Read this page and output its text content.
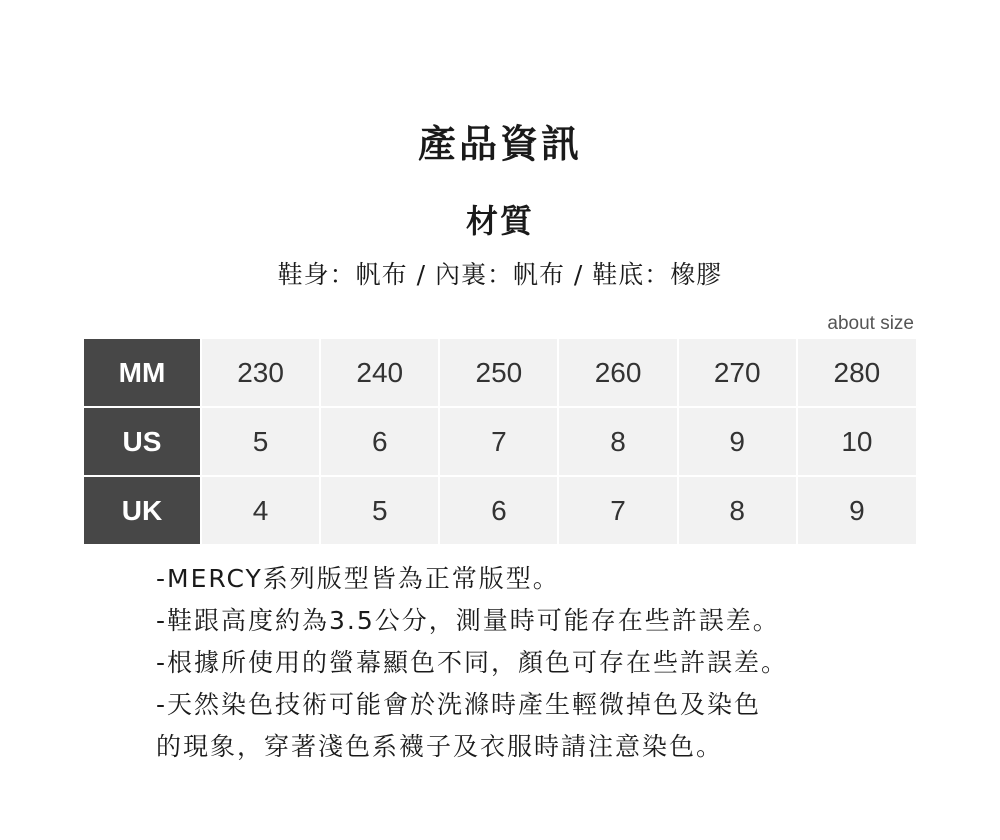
產品資訊
材質
鞋身：帆布 / 內裏：帆布 / 鞋底：橡膠
about size
MM	230	240	250	260	270	280
US	5	6	7	8	9	10
UK	4	5	6	7	8	9
-MERCY系列版型皆為正常版型。
-鞋跟高度約為3.5公分，測量時可能存在些許誤差。
-根據所使用的螢幕顯色不同，顏色可存在些許誤差。
-天然染色技術可能會於洗滌時產生輕微掉色及染色
的現象，穿著淺色系襪子及衣服時請注意染色。
